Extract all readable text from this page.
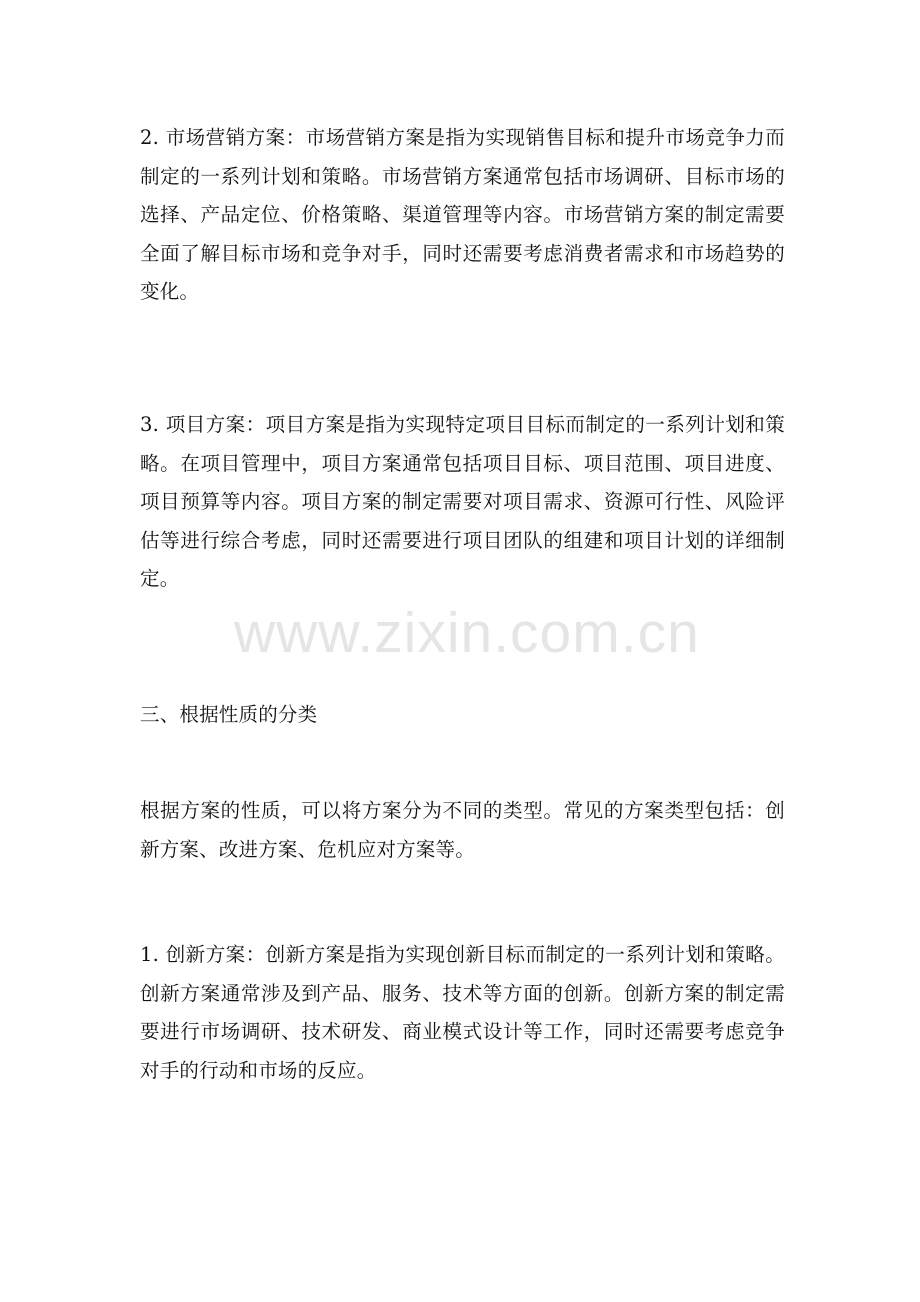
2. 市场营销方案：市场营销方案是指为实现销售目标和提升市场竞争力而制定的一系列计划和策略。市场营销方案通常包括市场调研、目标市场的选择、产品定位、价格策略、渠道管理等内容。市场营销方案的制定需要全面了解目标市场和竞争对手，同时还需要考虑消费者需求和市场趋势的变化。

3. 项目方案：项目方案是指为实现特定项目目标而制定的一系列计划和策略。在项目管理中，项目方案通常包括项目目标、项目范围、项目进度、项目预算等内容。项目方案的制定需要对项目需求、资源可行性、风险评估等进行综合考虑，同时还需要进行项目团队的组建和项目计划的详细制定。

三、根据性质的分类

根据方案的性质，可以将方案分为不同的类型。常见的方案类型包括：创新方案、改进方案、危机应对方案等。

1. 创新方案：创新方案是指为实现创新目标而制定的一系列计划和策略。创新方案通常涉及到产品、服务、技术等方面的创新。创新方案的制定需要进行市场调研、技术研发、商业模式设计等工作，同时还需要考虑竞争对手的行动和市场的反应。

www.zixin.com.cn
